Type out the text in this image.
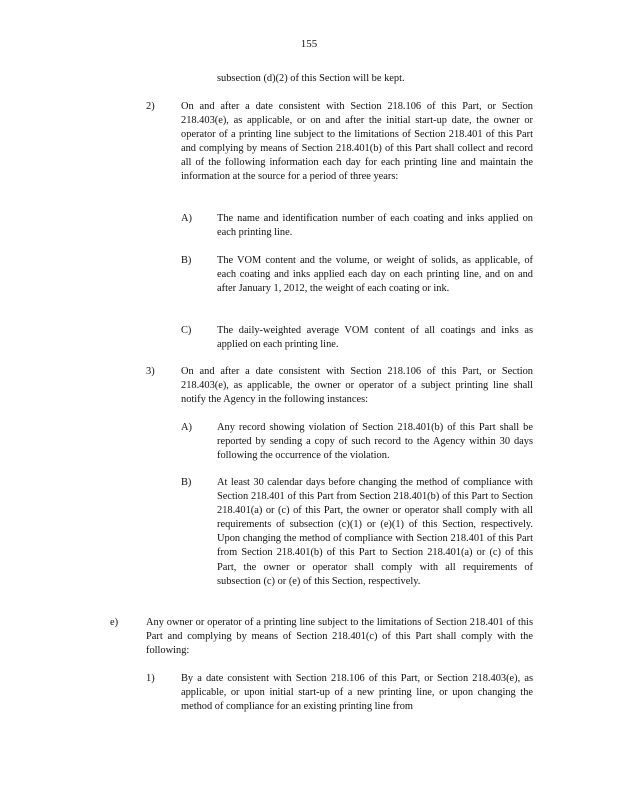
155
subsection (d)(2) of this Section will be kept.
2)	On and after a date consistent with Section 218.106 of this Part, or Section 218.403(e), as applicable, or on and after the initial start-up date, the owner or operator of a printing line subject to the limitations of Section 218.401 of this Part and complying by means of Section 218.401(b) of this Part shall collect and record all of the following information each day for each printing line and maintain the information at the source for a period of three years:
A) The name and identification number of each coating and inks applied on each printing line.
B) The VOM content and the volume, or weight of solids, as applicable, of each coating and inks applied each day on each printing line, and on and after January 1, 2012, the weight of each coating or ink.
C) The daily-weighted average VOM content of all coatings and inks as applied on each printing line.
3)	On and after a date consistent with Section 218.106 of this Part, or Section 218.403(e), as applicable, the owner or operator of a subject printing line shall notify the Agency in the following instances:
A) Any record showing violation of Section 218.401(b) of this Part shall be reported by sending a copy of such record to the Agency within 30 days following the occurrence of the violation.
B) At least 30 calendar days before changing the method of compliance with Section 218.401 of this Part from Section 218.401(b) of this Part to Section 218.401(a) or (c) of this Part, the owner or operator shall comply with all requirements of subsection (c)(1) or (e)(1) of this Section, respectively. Upon changing the method of compliance with Section 218.401 of this Part from Section 218.401(b) of this Part to Section 218.401(a) or (c) of this Part, the owner or operator shall comply with all requirements of subsection (c) or (e) of this Section, respectively.
e)	Any owner or operator of a printing line subject to the limitations of Section 218.401 of this Part and complying by means of Section 218.401(c) of this Part shall comply with the following:
1)	By a date consistent with Section 218.106 of this Part, or Section 218.403(e), as applicable, or upon initial start-up of a new printing line, or upon changing the method of compliance for an existing printing line from
